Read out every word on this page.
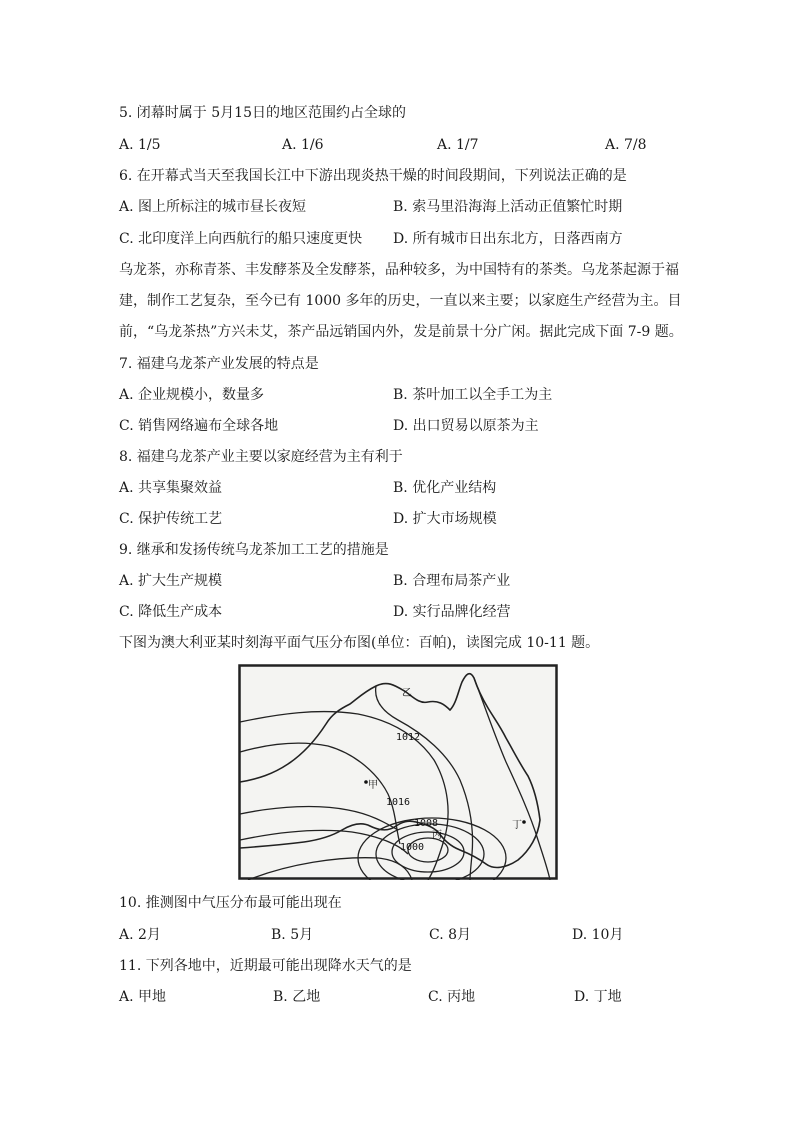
5. 闭幕时属于 5月15日的地区范围约占全球的
A. 1/5	A. 1/6	A. 1/7	A. 7/8
6. 在开幕式当天至我国长江中下游出现炎热干燥的时间段期间，下列说法正确的是
A. 图上所标注的城市昼长夜短	B. 索马里沿海海上活动正值繁忙时期
C. 北印度洋上向西航行的船只速度更快 D. 所有城市日出东北方，日落西南方
乌龙茶，亦称青茶、丰发酵茶及全发酵茶，品种较多，为中国特有的茶类。乌龙茶起源于福
建，制作工艺复杂，至今已有 1000 多年的历史，一直以来主要；以家庭生产经营为主。目
前，“乌龙茶热”方兴未艾，茶产品远销国内外，发是前景十分广闲。据此完成下面 7-9 题。
7. 福建乌龙茶产业发展的特点是
A. 企业规模小，数量多	B. 茶叶加工以全手工为主
C. 销售网络遍布全球各地	D. 出口贸易以原茶为主
8. 福建乌龙茶产业主要以家庭经营为主有利于
A. 共享集聚效益	B. 优化产业结构
C. 保护传统工艺	D. 扩大市场规模
9. 继承和发扬传统乌龙茶加工工艺的措施是
A. 扩大生产规模	B. 合理布局茶产业
C. 降低生产成本	D. 实行品牌化经营
下图为澳大利亚某时刻海平面气压分布图(单位：百帕)，读图完成 10-11 题。
1012
1016
1008
1000
乙
甲
丙
丁
10. 推测图中气压分布最可能出现在
A. 2月	B. 5月	C. 8月	D. 10月
11. 下列各地中，近期最可能出现降水天气的是
A. 甲地	B. 乙地	C. 丙地	D. 丁地
